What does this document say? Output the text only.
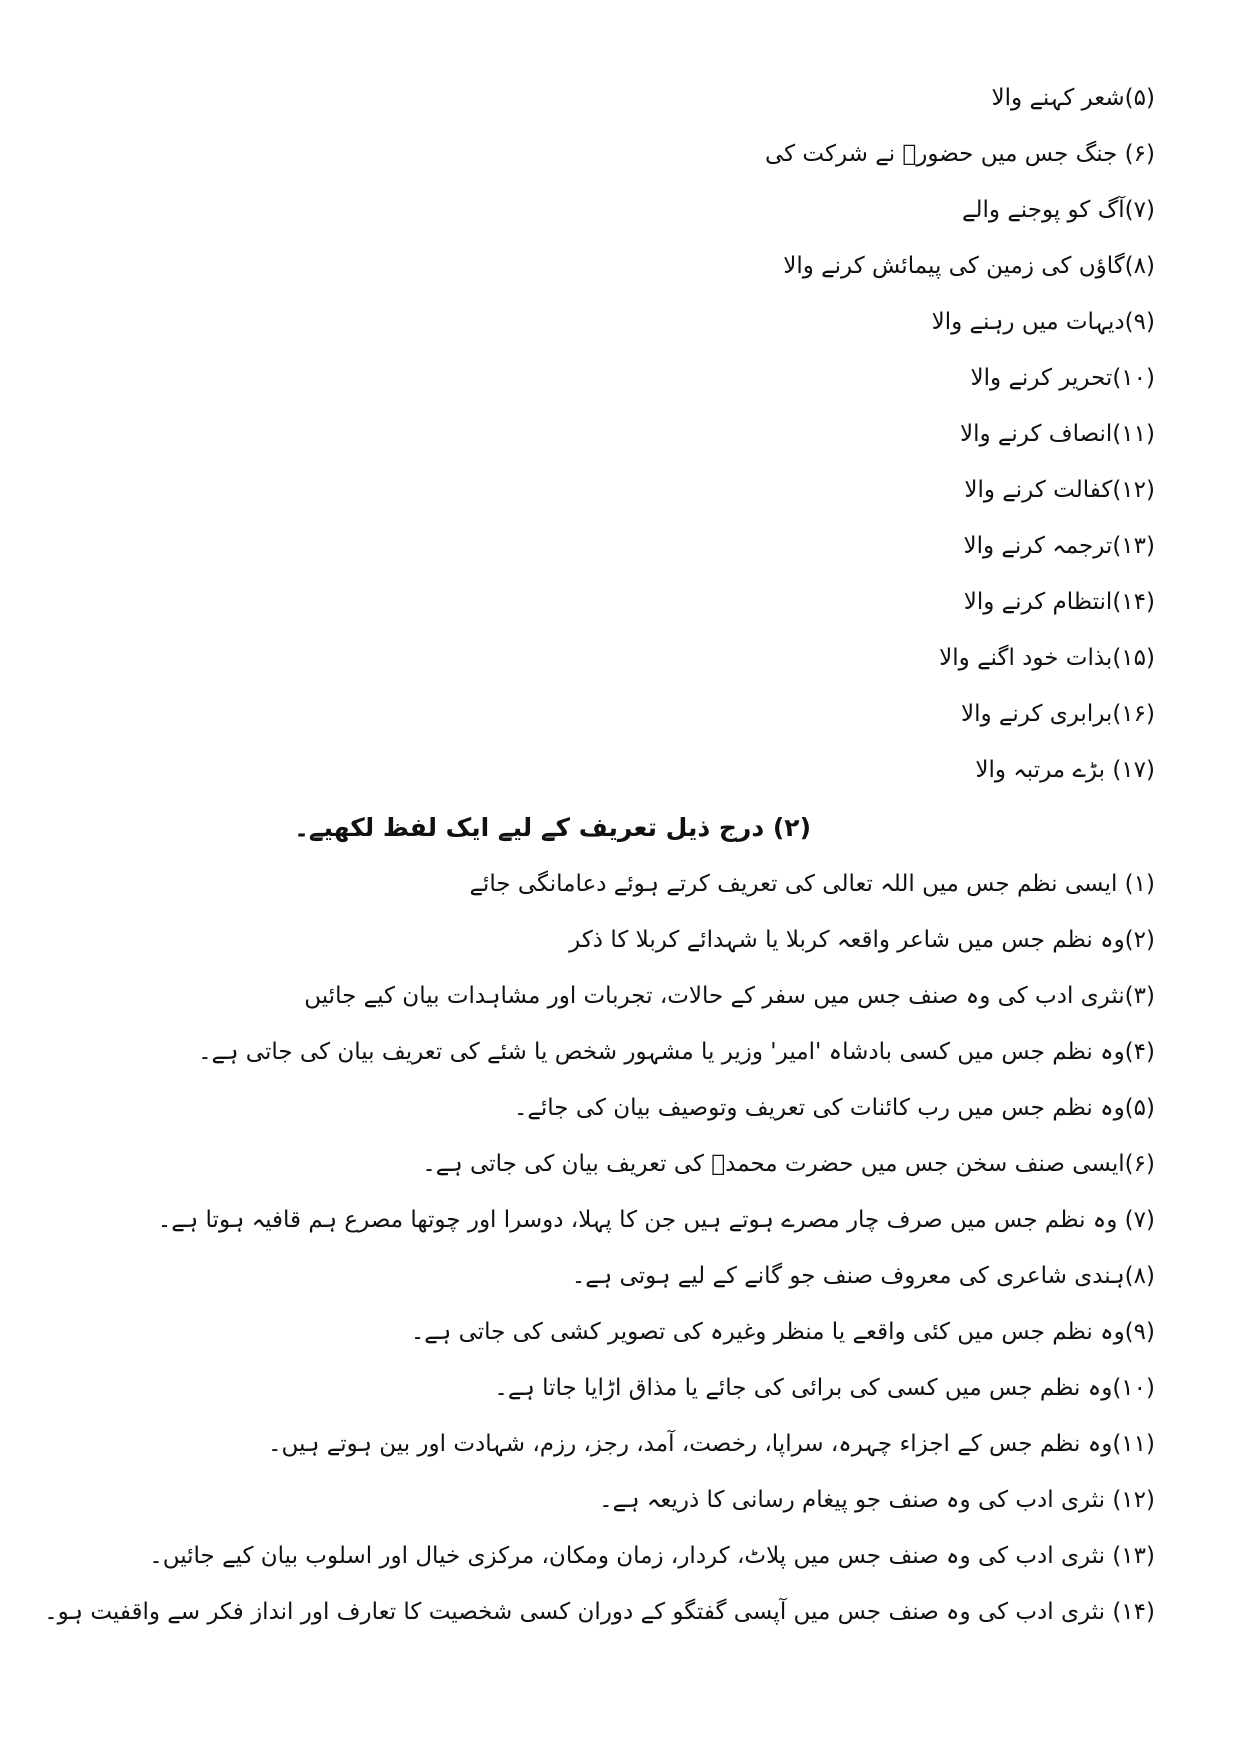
(۵)شعر کہنے والا
(۶) جنگ جس میں حضورؐ نے شرکت کی
(۷)آگ کو پوجنے والے
(۸)گاؤں کی زمین کی پیمائش کرنے والا
(۹)دیہات میں رہنے والا
(۱۰)تحریر کرنے والا
(۱۱)انصاف کرنے والا
(۱۲)کفالت کرنے والا
(۱۳)ترجمہ کرنے والا
(۱۴)انتظام کرنے والا
(۱۵)بذات خود اگنے والا
(۱۶)برابری کرنے والا
(۱۷) بڑے مرتبہ والا
(۲) درج ذیل تعریف کے لیے ایک لفظ لکھیے۔
(۱) ایسی نظم جس میں اللہ تعالی کی تعریف کرتے ہوئے دعامانگی جائے
(۲)وہ نظم جس میں شاعر واقعہ کربلا یا شہدائے کربلا کا ذکر
(۳)نثری ادب کی وہ صنف جس میں سفر کے حالات، تجربات اور مشاہدات بیان کیے جائیں
(۴)وہ نظم جس میں کسی بادشاہ 'امیر' وزیر یا مشہور شخص یا شئے کی تعریف بیان کی جاتی ہے۔
(۵)وہ نظم جس میں رب کائنات کی تعریف وتوصیف بیان کی جائے۔
(۶)ایسی صنف سخن جس میں حضرت محمدؐ کی تعریف بیان کی جاتی ہے۔
(۷) وہ نظم جس میں صرف چار مصرے ہوتے ہیں جن کا پہلا، دوسرا اور چوتھا مصرع ہم قافیہ ہوتا ہے۔
(۸)ہندی شاعری کی معروف صنف جو گانے کے لیے ہوتی ہے۔
(۹)وہ نظم جس میں کئی واقعے یا منظر وغیرہ کی تصویر کشی کی جاتی ہے۔
(۱۰)وہ نظم جس میں کسی کی برائی کی جائے یا مذاق اڑایا جاتا ہے۔
(۱۱)وہ نظم جس کے اجزاء چہرہ، سراپا، رخصت، آمد، رجز، رزم، شہادت اور بین ہوتے ہیں۔
(۱۲) نثری ادب کی وہ صنف جو پیغام رسانی کا ذریعہ ہے۔
(۱۳) نثری ادب کی وہ صنف جس میں پلاٹ، کردار، زمان ومکان، مرکزی خیال اور اسلوب بیان کیے جائیں۔
(۱۴) نثری ادب کی وہ صنف جس میں آپسی گفتگو کے دوران کسی شخصیت کا تعارف اور انداز فکر سے واقفیت ہو۔
